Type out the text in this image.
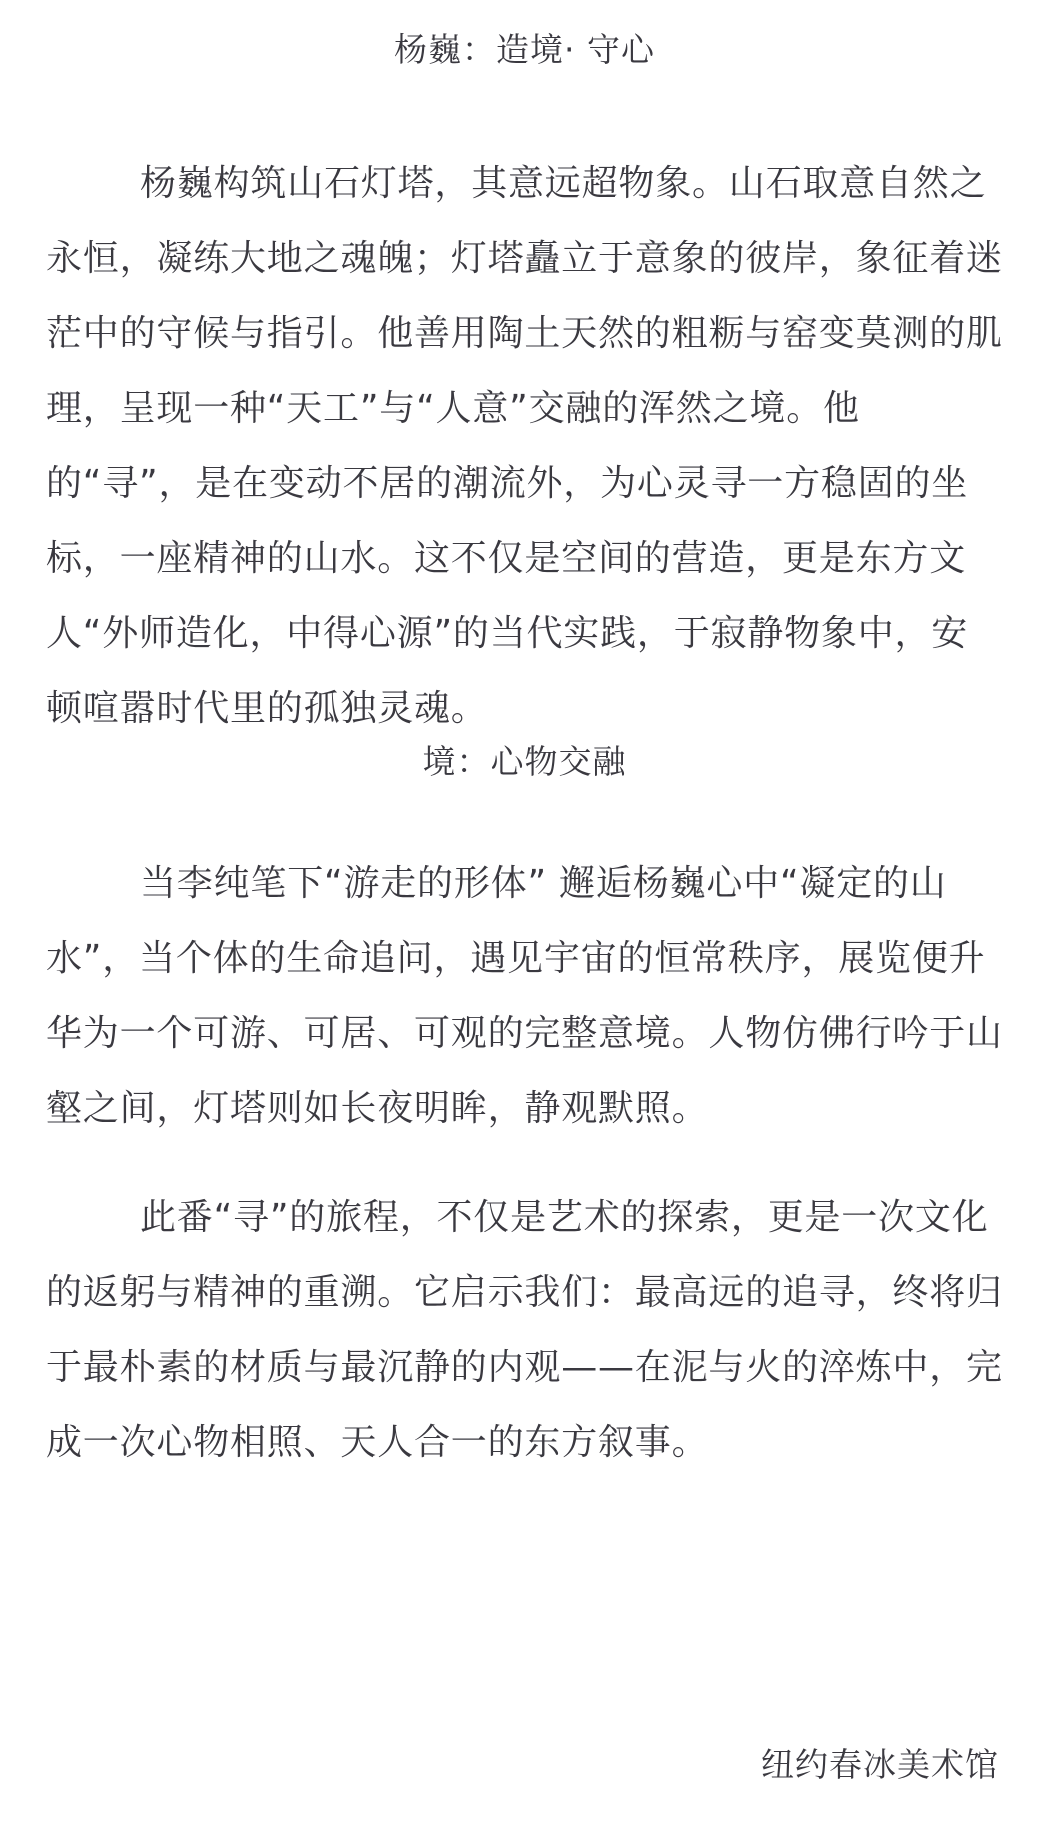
杨巍：造境· 守心

杨巍构筑山石灯塔，其意远超物象。山石取意自然之永恒，凝练大地之魂魄；灯塔矗立于意象的彼岸，象征着迷茫中的守候与指引。他善用陶土天然的粗粝与窑变莫测的肌理，呈现一种“天工”与“人意”交融的浑然之境。他的“寻”，是在变动不居的潮流外，为心灵寻一方稳固的坐标，一座精神的山水。这不仅是空间的营造，更是东方文人“外师造化，中得心源”的当代实践，于寂静物象中，安顿喧嚣时代里的孤独灵魂。

境：心物交融

当李纯笔下“游走的形体” 邂逅杨巍心中“凝定的山水”，当个体的生命追问，遇见宇宙的恒常秩序，展览便升华为一个可游、可居、可观的完整意境。人物仿佛行吟于山壑之间，灯塔则如长夜明眸，静观默照。

此番“寻”的旅程，不仅是艺术的探索，更是一次文化的返躬与精神的重溯。它启示我们：最高远的追寻，终将归于最朴素的材质与最沉静的内观——在泥与火的淬炼中，完成一次心物相照、天人合一的东方叙事。

纽约春冰美术馆
